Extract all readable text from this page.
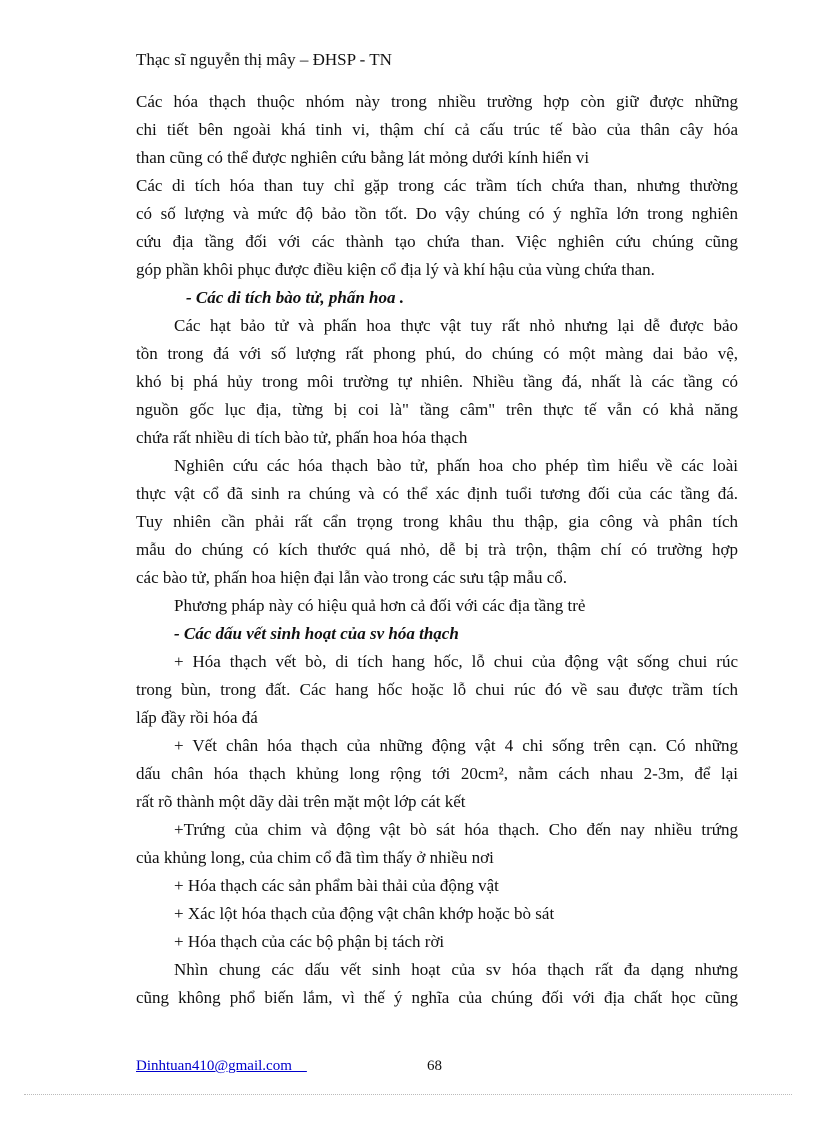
Thạc sĩ nguyễn thị mây – ĐHSP - TN
Các hóa thạch thuộc nhóm này trong nhiều trường hợp còn giữ được những
chi tiết bên ngoài khá tinh vi, thậm chí cả cấu trúc tế bào của thân cây hóa
than cũng có thể được nghiên cứu bằng lát mỏng dưới kính hiển vi
Các di tích hóa than tuy chỉ gặp trong các trầm tích chứa than, nhưng thường
có số lượng và mức độ bảo tồn tốt. Do vậy chúng có ý nghĩa lớn trong nghiên
cứu địa tầng đối với các thành tạo chứa than. Việc nghiên cứu chúng cũng
góp phần khôi phục được điều kiện cổ địa lý và khí hậu của vùng chứa than.
- Các di tích bào tử, phấn hoa .
Các hạt bảo tử và phấn hoa thực vật tuy rất nhỏ nhưng lại dễ được bảo
tồn trong đá với số lượng rất phong phú, do chúng có một màng dai bảo vệ,
khó bị phá hủy trong môi trường tự nhiên. Nhiều tầng đá, nhất là các tầng có
nguồn gốc lục địa, từng bị coi là" tầng câm" trên thực tế vẫn có khả năng
chứa rất nhiều di tích bào tử, phấn hoa hóa thạch
Nghiên cứu các hóa thạch bào tử, phấn hoa cho phép tìm hiểu về các loài
thực vật cổ đã sinh ra chúng và có thể xác định tuổi tương đối của các tầng đá.
Tuy nhiên cần phải rất cẩn trọng trong khâu thu thập, gia công và phân tích
mẫu do chúng có kích thước quá nhỏ, dễ bị trà trộn, thậm chí có trường hợp
các bào tử, phấn hoa hiện đại lẫn vào trong các sưu tập mẫu cổ.
Phương pháp này có hiệu quả hơn cả đối với các địa tầng trẻ
- Các dấu vết sinh hoạt của sv hóa thạch
+ Hóa thạch vết bò, di tích hang hốc, lỗ chui của động vật sống chui rúc
trong bùn, trong đất. Các hang hốc hoặc lỗ chui rúc đó về sau được trầm tích
lấp đầy rồi hóa đá
+ Vết chân hóa thạch của những động vật 4 chi sống trên cạn. Có những
dấu chân hóa thạch khủng long rộng tới 20cm², nằm cách nhau 2-3m, để lại
rất rõ thành một dãy dài trên mặt một lớp cát kết
+Trứng của chim và động vật bò sát hóa thạch. Cho đến nay nhiều trứng
của khủng long, của chim cổ đã tìm thấy ở nhiều nơi
+ Hóa thạch các sản phẩm bài thải của động vật
+ Xác lột hóa thạch của động vật chân khớp hoặc bò sát
+ Hóa thạch của các bộ phận bị tách rời
Nhìn chung các dấu vết sinh hoạt của sv hóa thạch rất đa dạng nhưng
cũng không phổ biến lắm, vì thế ý nghĩa của chúng đối với địa chất học cũng
Dinhtuan410@gmail.com	68
